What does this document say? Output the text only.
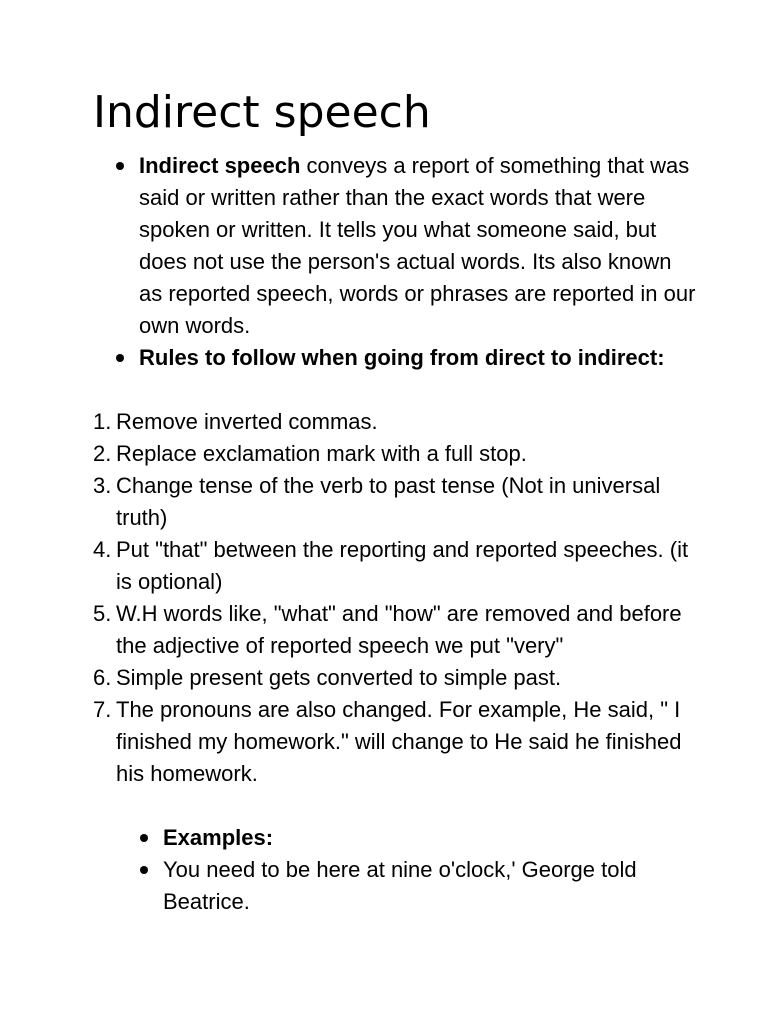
Indirect speech
Indirect speech conveys a report of something that was said or written rather than the exact words that were spoken or written. It tells you what someone said, but does not use the person's actual words. Its also known as reported speech, words or phrases are reported in our own words.
Rules to follow when going from direct to indirect:
1. Remove inverted commas.
2. Replace exclamation mark with a full stop.
3. Change tense of the verb to past tense (Not in universal truth)
4. Put "that" between the reporting and reported speeches. (it is optional)
5. W.H words like, "what" and "how" are removed and before the adjective of reported speech we put "very"
6. Simple present gets converted to simple past.
7. The pronouns are also changed. For example, He said, " I finished my homework." will change to He said he finished his homework.
Examples:
You need to be here at nine o'clock,' George told Beatrice.
